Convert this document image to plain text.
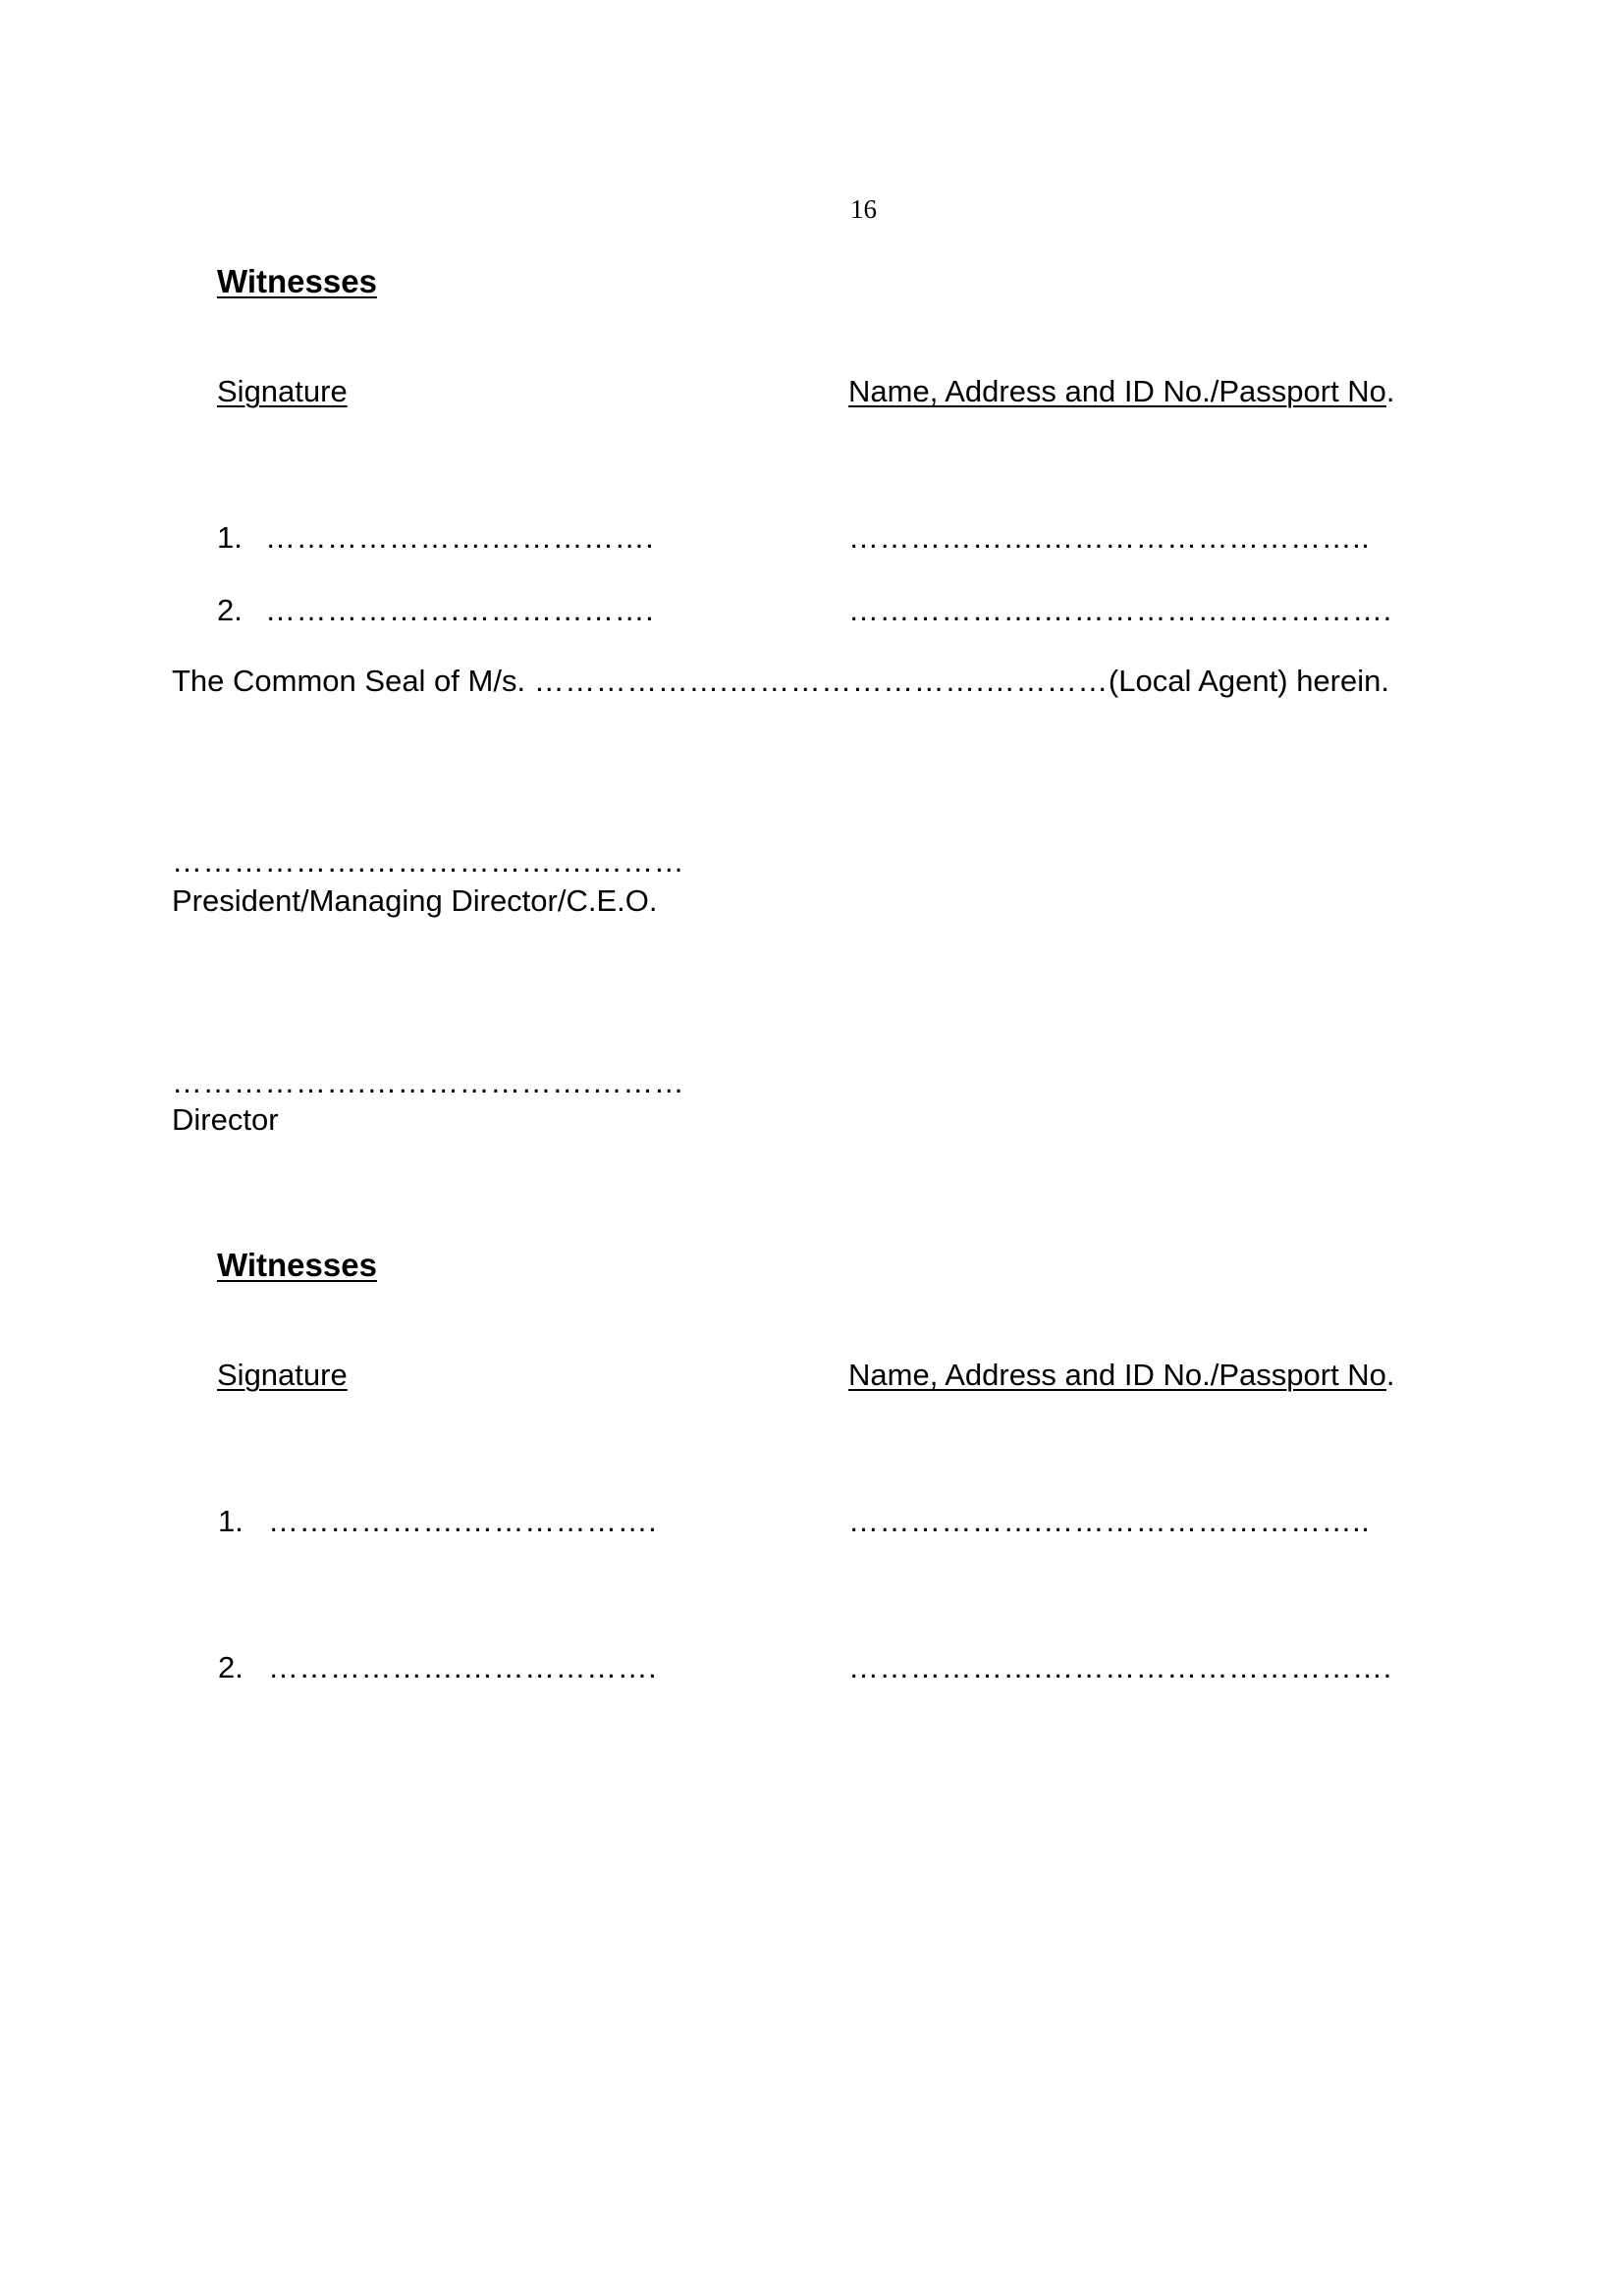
16
Witnesses
Signature	Name, Address and ID No./Passport No.
1. ………………….…………….	……………….…………………………..
2. ……………….……………….	……………….…………………………….
The Common Seal of M/s. ……………….…………………….…………(Local Agent) herein.
……………….………………….………
President/Managing Director/C.E.O.
……………….………………….………
Director
Witnesses
Signature	Name, Address and ID No./Passport No.
1. ……………….……………….	……………….…………………………..
2. ……………….……………….	……………….…………………………….
